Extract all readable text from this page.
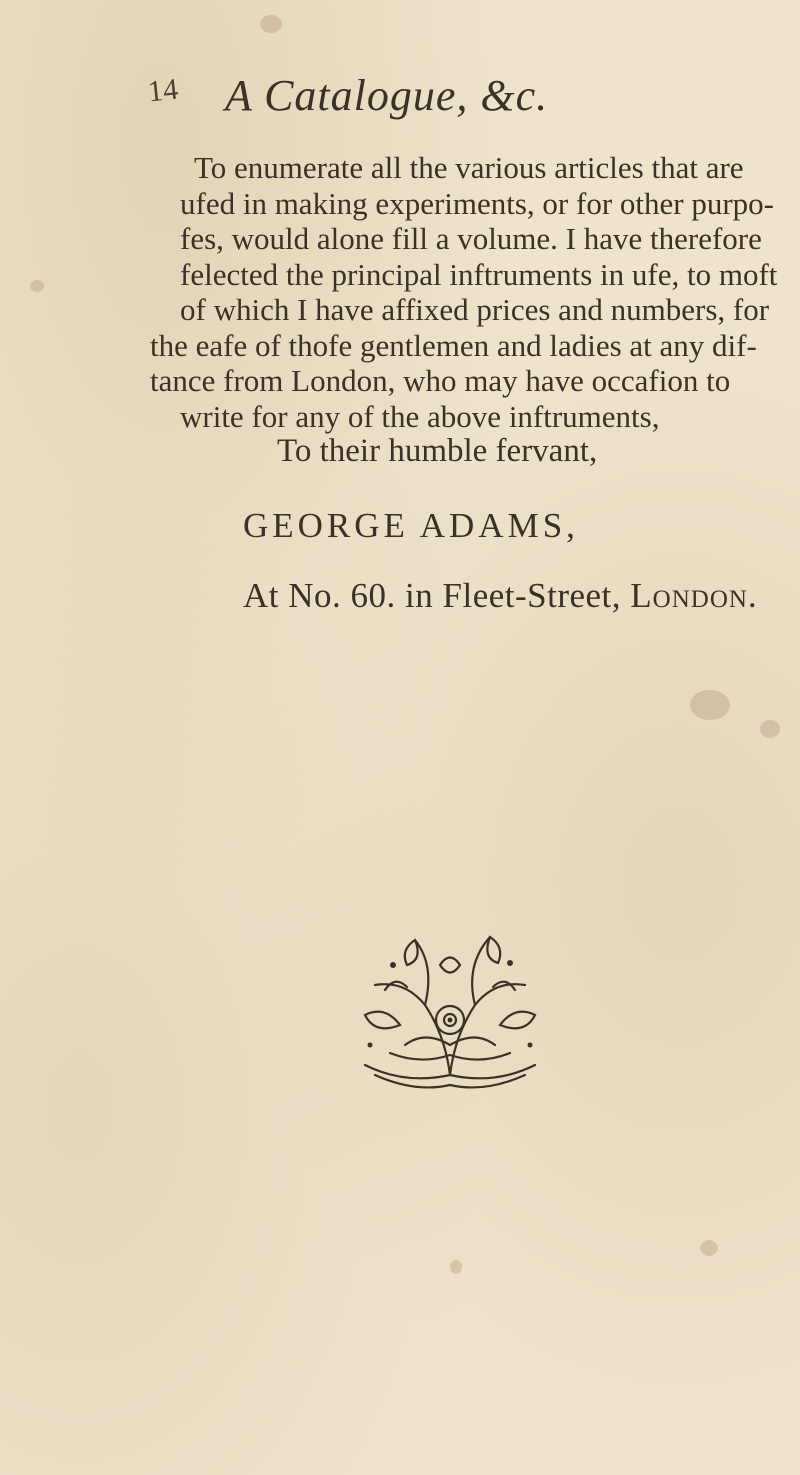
14 A Catalogue, &c.
To enumerate all the various articles that are
ufed in making experiments, or for other purpo-
fes, would alone fill a volume. I have therefore
felected the principal inftruments in ufe, to moft
of which I have affixed prices and numbers, for
the eafe of thofe gentlemen and ladies at any dif-
tance from London, who may have occafion to
write for any of the above inftruments,
To their humble fervant,
GEORGE ADAMS,
At No. 60. in Fleet-Street, London.
